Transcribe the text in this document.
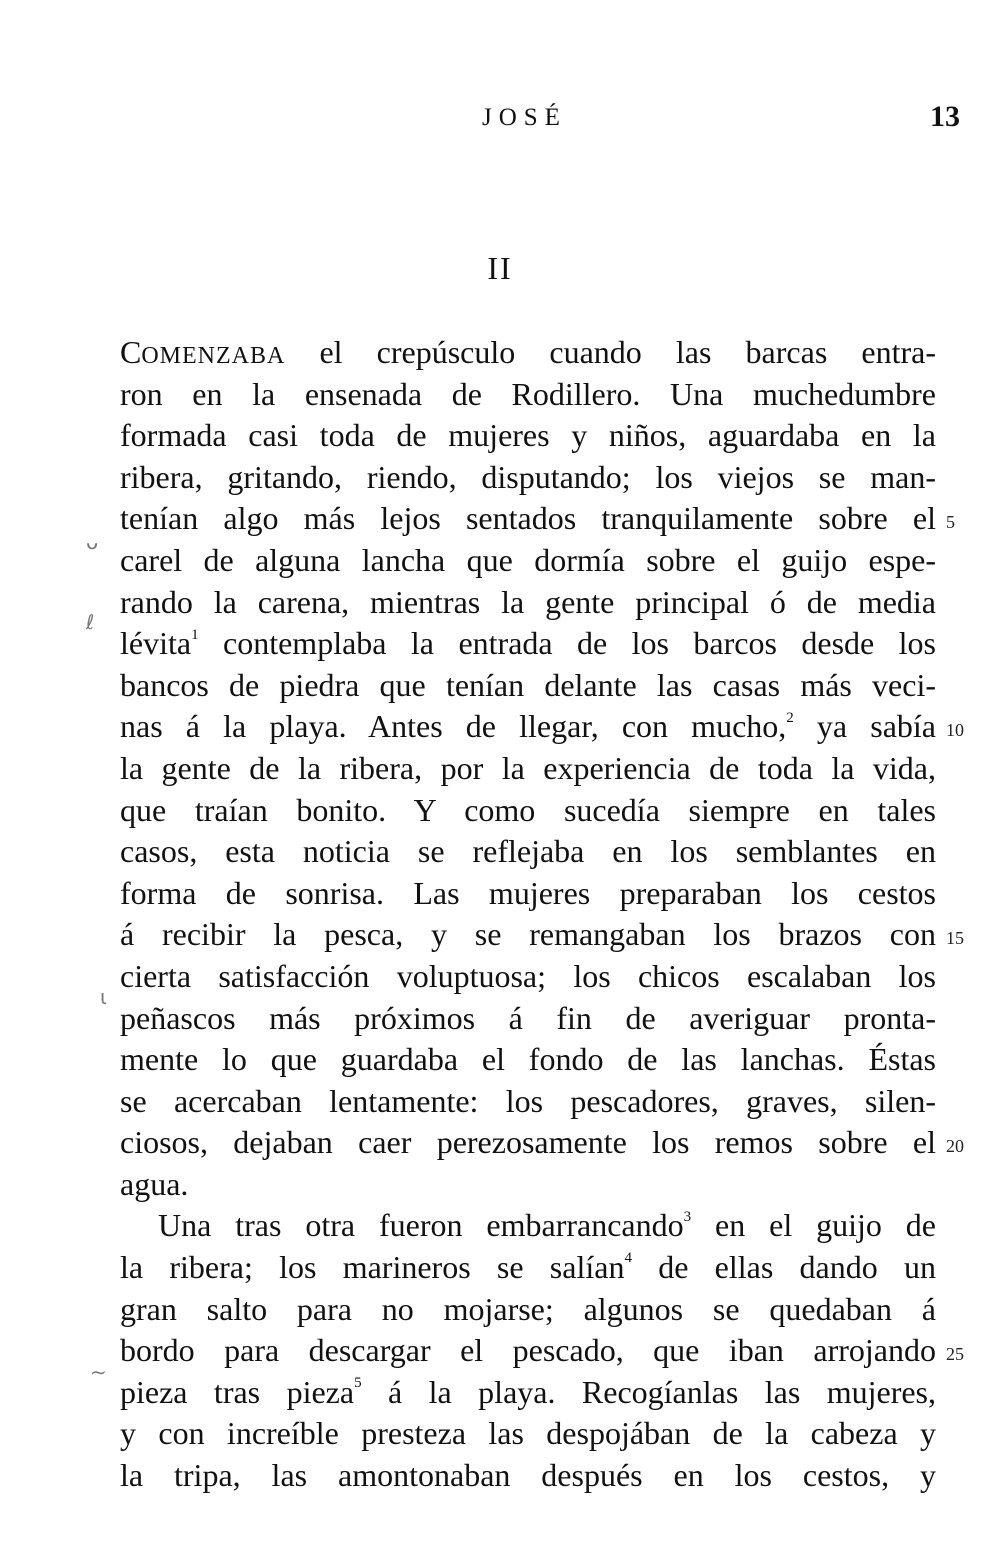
JOSÉ	13
II
COMENZABA el crepúsculo cuando las barcas entra-
ron en la ensenada de Rodillero. Una muchedumbre
formada casi toda de mujeres y niños, aguardaba en la
ribera, gritando, riendo, disputando; los viejos se man-
tenían algo más lejos sentados tranquilamente sobre el
carel de alguna lancha que dormía sobre el guijo espe-
rando la carena, mientras la gente principal ó de media
lévita$^1$ contemplaba la entrada de los barcos desde los
bancos de piedra que tenían delante las casas más veci-
nas á la playa. Antes de llegar, con mucho,$^2$ ya sabía
la gente de la ribera, por la experiencia de toda la vida,
que traían bonito. Y como sucedía siempre en tales
casos, esta noticia se reflejaba en los semblantes en
forma de sonrisa. Las mujeres preparaban los cestos
á recibir la pesca, y se remangaban los brazos con
cierta satisfacción voluptuosa; los chicos escalaban los
peñascos más próximos á fin de averiguar pronta-
mente lo que guardaba el fondo de las lanchas. Éstas
se acercaban lentamente: los pescadores, graves, silen-
ciosos, dejaban caer perezosamente los remos sobre el
agua.
Una tras otra fueron embarrancando$^3$ en el guijo de
la ribera; los marineros se salían$^4$ de ellas dando un
gran salto para no mojarse; algunos se quedaban á
bordo para descargar el pescado, que iban arrojando
pieza tras pieza$^5$ á la playa. Recogíanlas las mujeres,
y con increíble presteza las despojában de la cabeza y
la tripa, las amontonaban después en los cestos, y
5
10
15
20
25
ᴗ
ℓ
ɩ
∼
